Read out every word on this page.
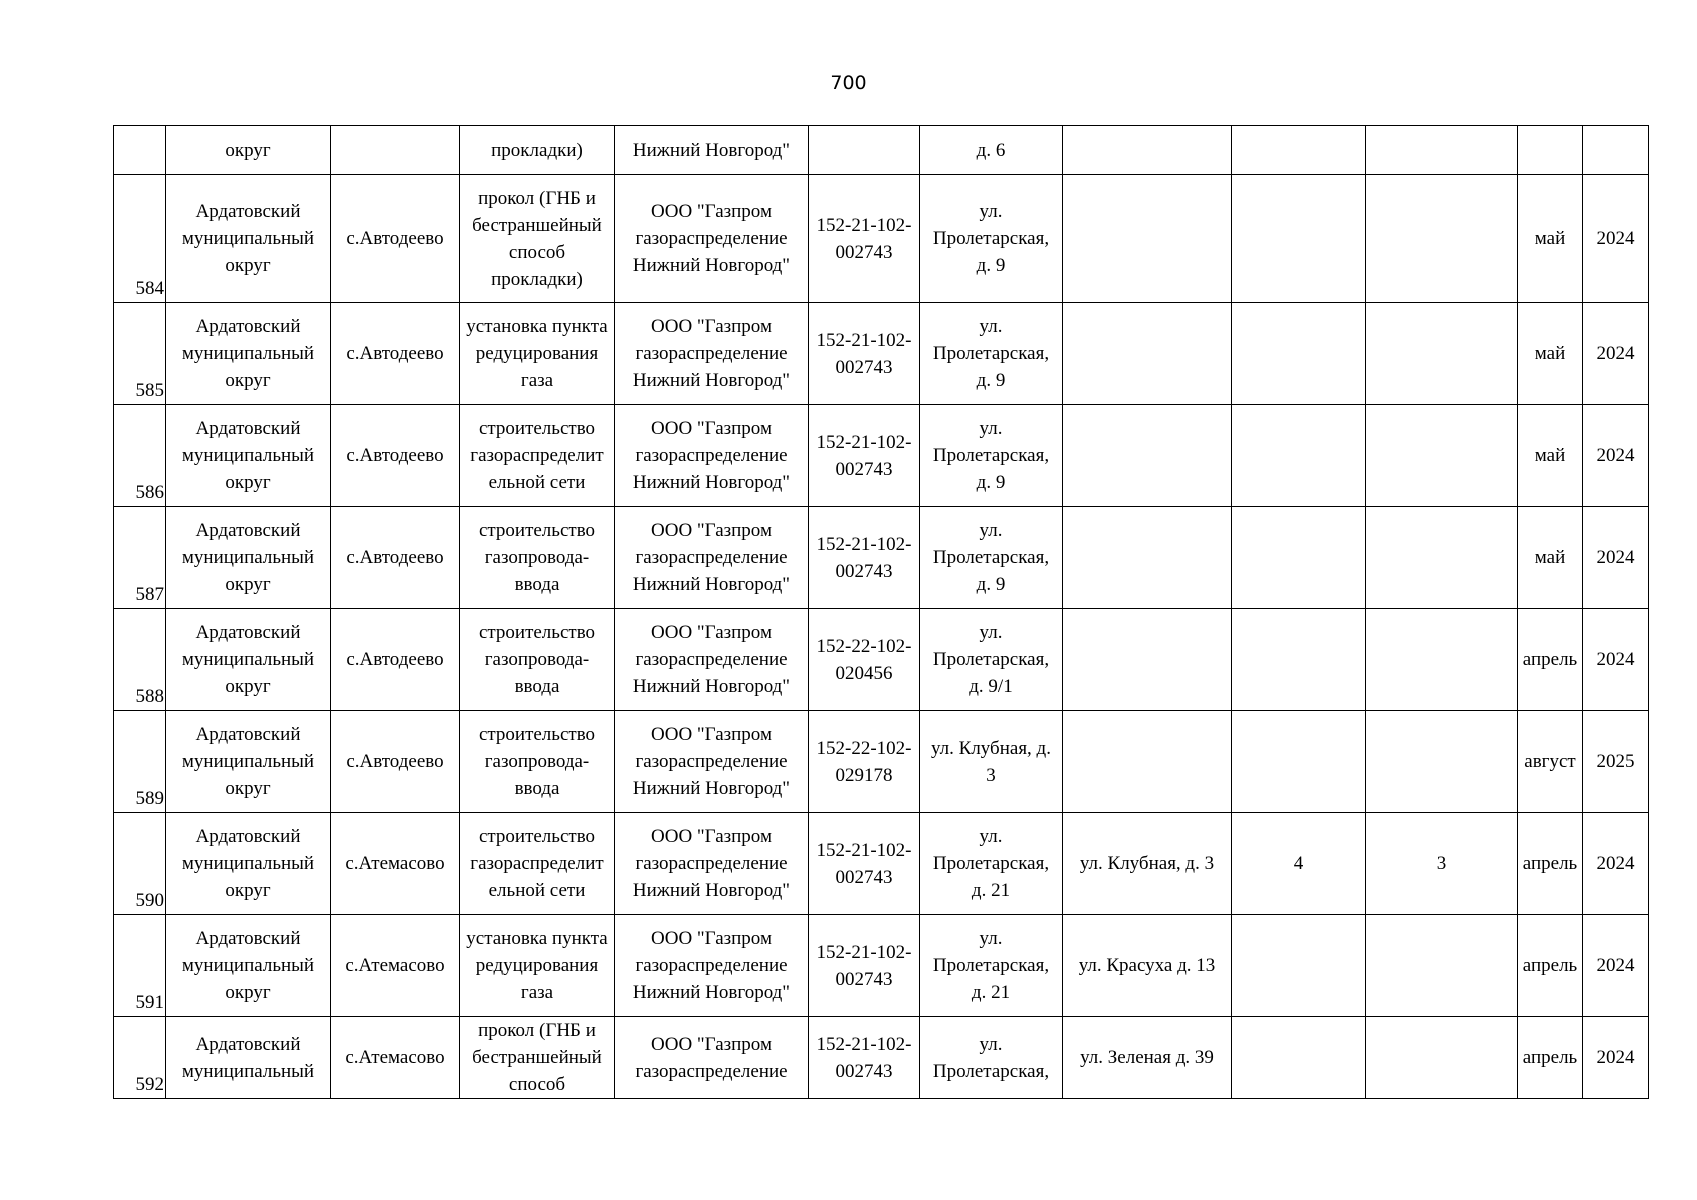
700

	округ		прокладки)	Нижний Новгород"		д. 6					

584	Ардатовский
муниципальный
округ	с.Автодеево	прокол (ГНБ и
бестраншейный
способ
прокладки)	ООО "Газпром
газораспределение
Нижний Новгород"	152-21-102-
002743	ул.
Пролетарская,
д. 9				май	2024
585	Ардатовский
муниципальный
округ	с.Автодеево	установка пункта
редуцирования
газа	ООО "Газпром
газораспределение
Нижний Новгород"	152-21-102-
002743	ул.
Пролетарская,
д. 9				май	2024
586	Ардатовский
муниципальный
округ	с.Автодеево	строительство
газораспределит
ельной сети	ООО "Газпром
газораспределение
Нижний Новгород"	152-21-102-
002743	ул.
Пролетарская,
д. 9				май	2024
587	Ардатовский
муниципальный
округ	с.Автодеево	строительство
газопровода-
ввода	ООО "Газпром
газораспределение
Нижний Новгород"	152-21-102-
002743	ул.
Пролетарская,
д. 9				май	2024
588	Ардатовский
муниципальный
округ	с.Автодеево	строительство
газопровода-
ввода	ООО "Газпром
газораспределение
Нижний Новгород"	152-22-102-
020456	ул.
Пролетарская,
д. 9/1				апрель	2024
589	Ардатовский
муниципальный
округ	с.Автодеево	строительство
газопровода-
ввода	ООО "Газпром
газораспределение
Нижний Новгород"	152-22-102-
029178	ул. Клубная, д.
3				август	2025
590	Ардатовский
муниципальный
округ	с.Атемасово	строительство
газораспределит
ельной сети	ООО "Газпром
газораспределение
Нижний Новгород"	152-21-102-
002743	ул.
Пролетарская,
д. 21	ул. Клубная, д. 3	4	3	апрель	2024
591	Ардатовский
муниципальный
округ	с.Атемасово	установка пункта
редуцирования
газа	ООО "Газпром
газораспределение
Нижний Новгород"	152-21-102-
002743	ул.
Пролетарская,
д. 21	ул. Красуха д. 13			апрель	2024
592	Ардатовский
муниципальный	с.Атемасово	прокол (ГНБ и
бестраншейный
способ	ООО "Газпром
газораспределение	152-21-102-
002743	ул.
Пролетарская,	ул. Зеленая д. 39			апрель	2024
